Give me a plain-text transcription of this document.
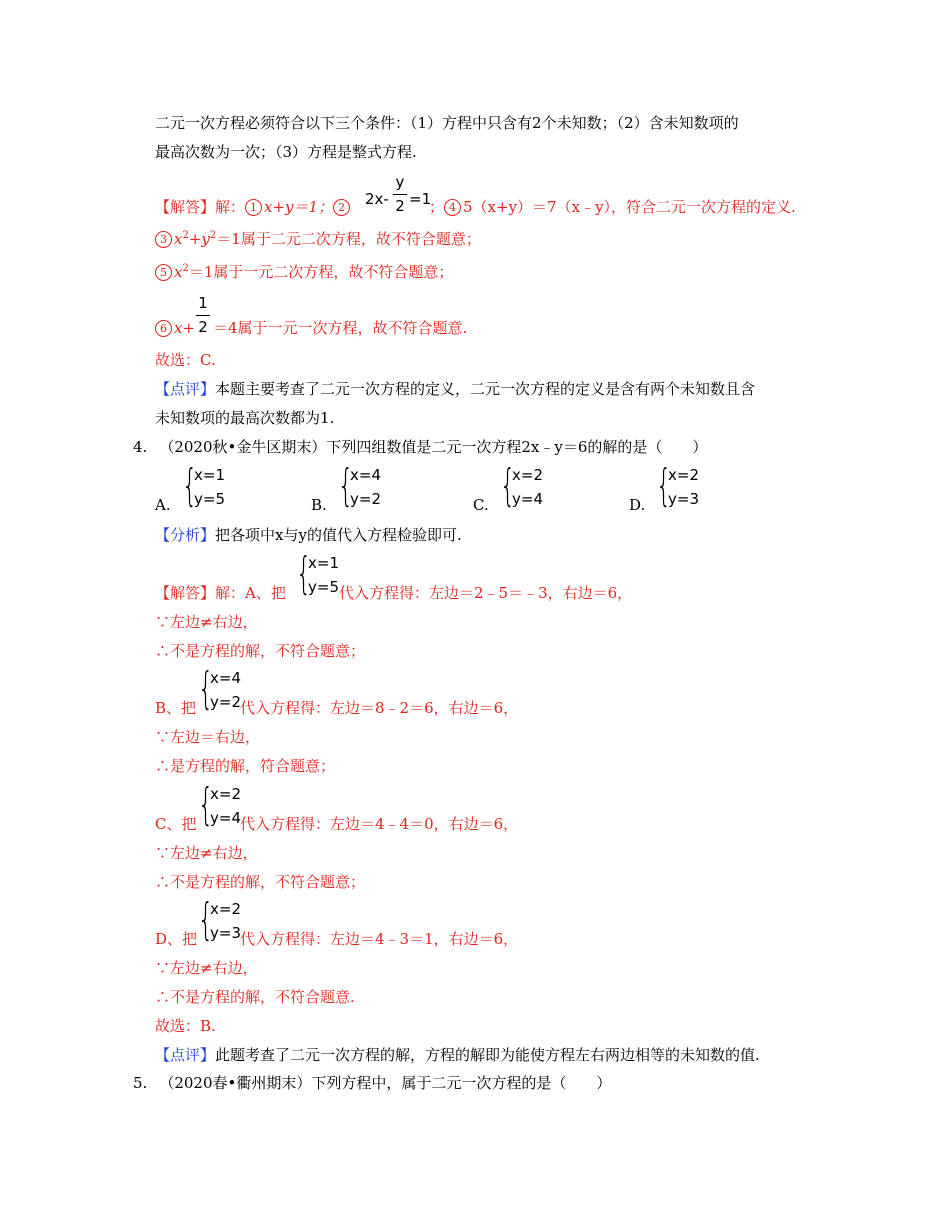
二元一次方程必须符合以下三个条件：（1）方程中只含有2个未知数；（2）含未知数项的
最高次数为一次；（3）方程是整式方程.
【解答】解： 1 x+y＝1； 2	2x-
y
2 =1
； 4 5（x+y）＝7（x﹣y），符合二元一次方程的定义.
3 $x^2+y^2=1$属于二元二次方程，故不符合题意；
5 $x^2=1$属于一元二次方程，故不符合题意；
6 x+
1
2 ＝4属于一元一次方程，故不符合题意.
故选：C.
【点评】本题主要考查了二元一次方程的定义，二元一次方程的定义是含有两个未知数且含
未知数项的最高次数都为1.
4. （2020秋•金牛区期末）下列四组数值是二元一次方程2x﹣y＝6的解的是（　　）
A. {
x=1
y=5	B. {
x=4
y=2	C. {
x=2
y=4	D. {
x=2
y=3
【分析】把各项中x与y的值代入方程检验即可.
【解答】解：A、把 {
x=1
y=5 代入方程得：左边＝2﹣5＝﹣3，右边＝6，
∵左边≠右边，
∴不是方程的解，不符合题意；
B、把 {
x=4
y=2 代入方程得：左边＝8﹣2＝6，右边＝6，
∵左边＝右边，
∴是方程的解，符合题意；
C、把 {
x=2
y=4 代入方程得：左边＝4﹣4＝0，右边＝6，
∵左边≠右边，
∴不是方程的解，不符合题意；
D、把 {
x=2
y=3 代入方程得：左边＝4﹣3＝1，右边＝6，
∵左边≠右边，
∴不是方程的解，不符合题意.
故选：B.
【点评】此题考查了二元一次方程的解，方程的解即为能使方程左右两边相等的未知数的值.
5. （2020春•衢州期末）下列方程中，属于二元一次方程的是（　　）
